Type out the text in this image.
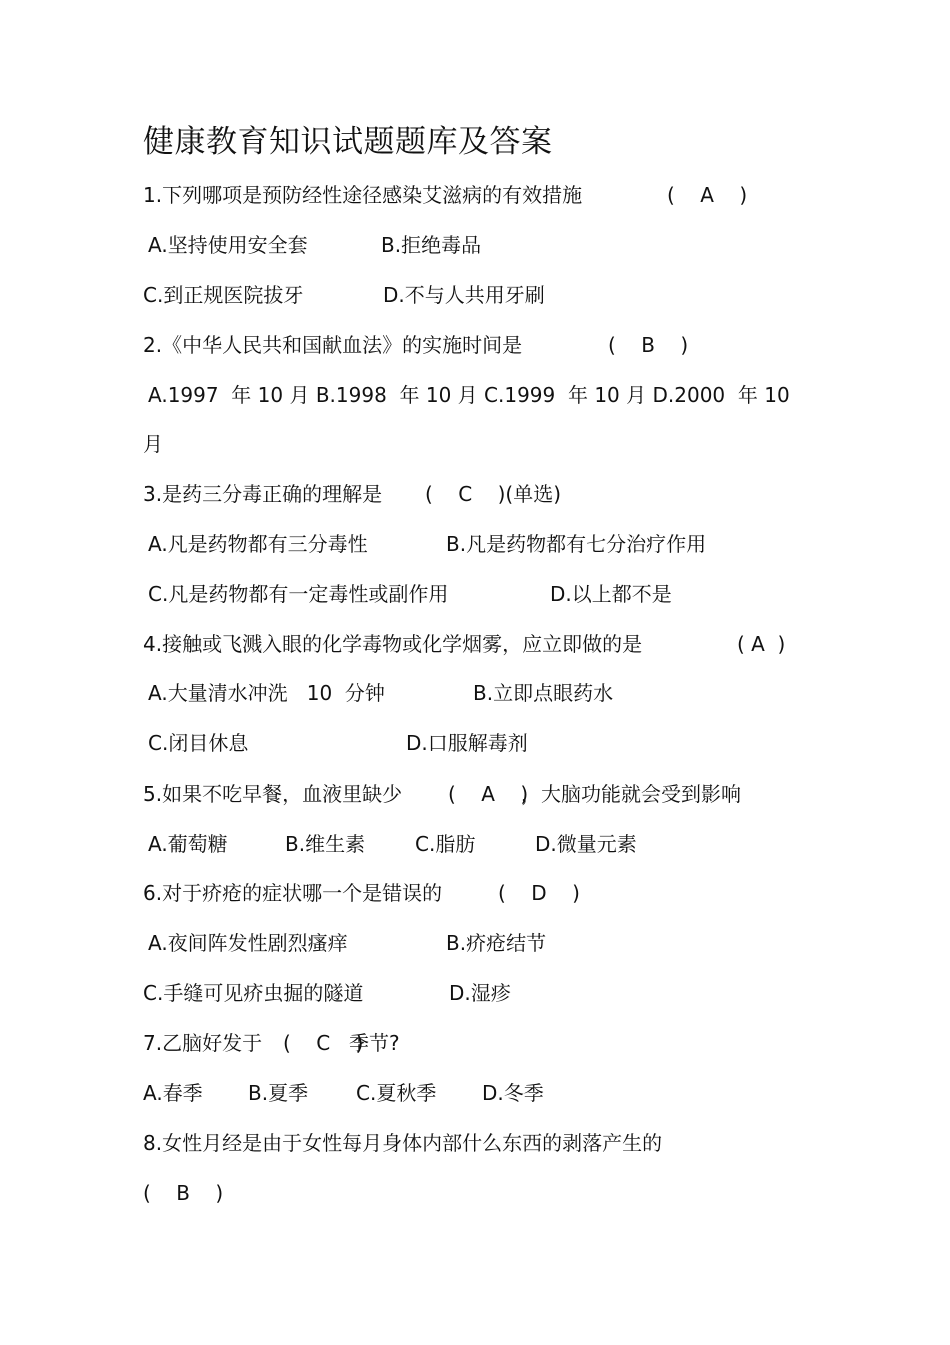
健康教育知识试题题库及答案

1.下列哪项是预防经性途径感染艾滋病的有效措施

	(    A    )

A.坚持使用安全套

	B.拒绝毒品

C.到正规医院拔牙

	D.不与人共用牙刷

2.《中华人民共和国献血法》的实施时间是

	(    B    )

A.1997  年 10 月 B.1998  年 10 月 C.1999  年 10 月 D.2000  年 10

月

3.是药三分毒正确的理解是

(    C    )(单选)

A.凡是药物都有三分毒性

	B.凡是药物都有七分治疗作用

C.凡是药物都有一定毒性或副作用

	D.以上都不是

4.接触或飞溅入眼的化学毒物或化学烟雾，应立即做的是

	( A  )

A.大量清水冲洗   10  分钟

	B.立即点眼药水

C.闭目休息

	D.口服解毒剂

5.如果不吃早餐，血液里缺少

(    A    )

，大脑功能就会受到影响

A.葡萄糖

	B.维生素

C.脂肪

	D.微量元素

6.对于疥疮的症状哪一个是错误的

	(    D    )

A.夜间阵发性剧烈瘙痒

	B.疥疮结节

C.手缝可见疥虫掘的隧道

	D.湿疹

7.乙脑好发于

(    C    )

季节?

A.春季

B.夏季

C.夏秋季

D.冬季

8.女性月经是由于女性每月身体内部什么东西的剥落产生的

(    B    )
